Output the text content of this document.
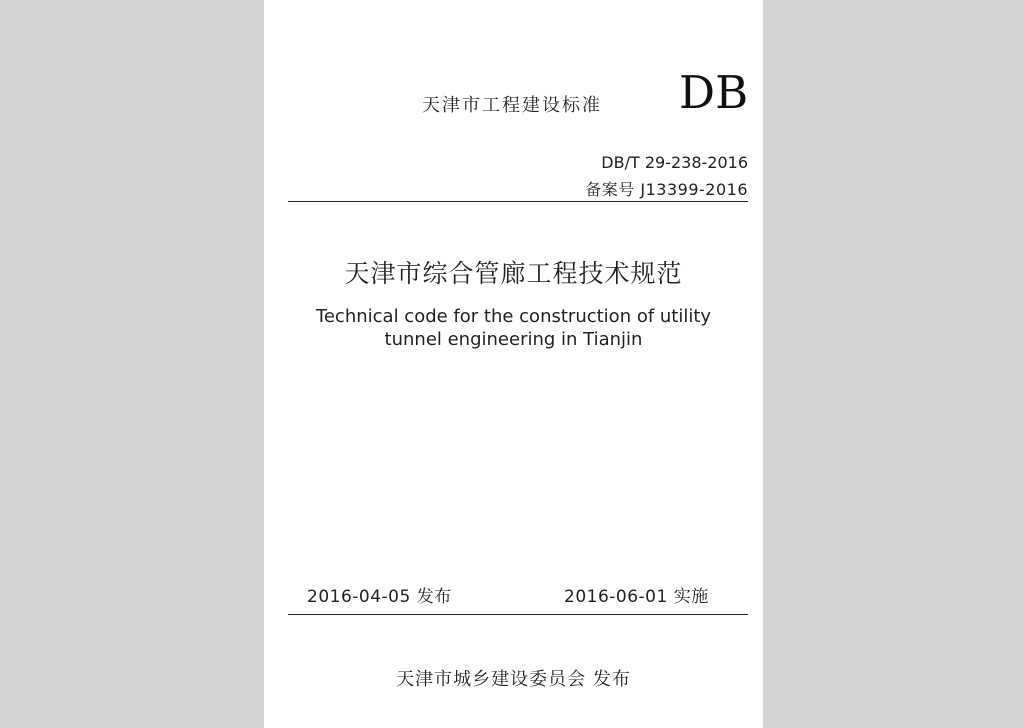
天津市工程建设标准 DB
DB/T 29-238-2016
备案号 J13399-2016
天津市综合管廊工程技术规范
Technical code for the construction of utility
tunnel engineering in Tianjin
2016-04-05 发布	2016-06-01 实施
天津市城乡建设委员会 发布
